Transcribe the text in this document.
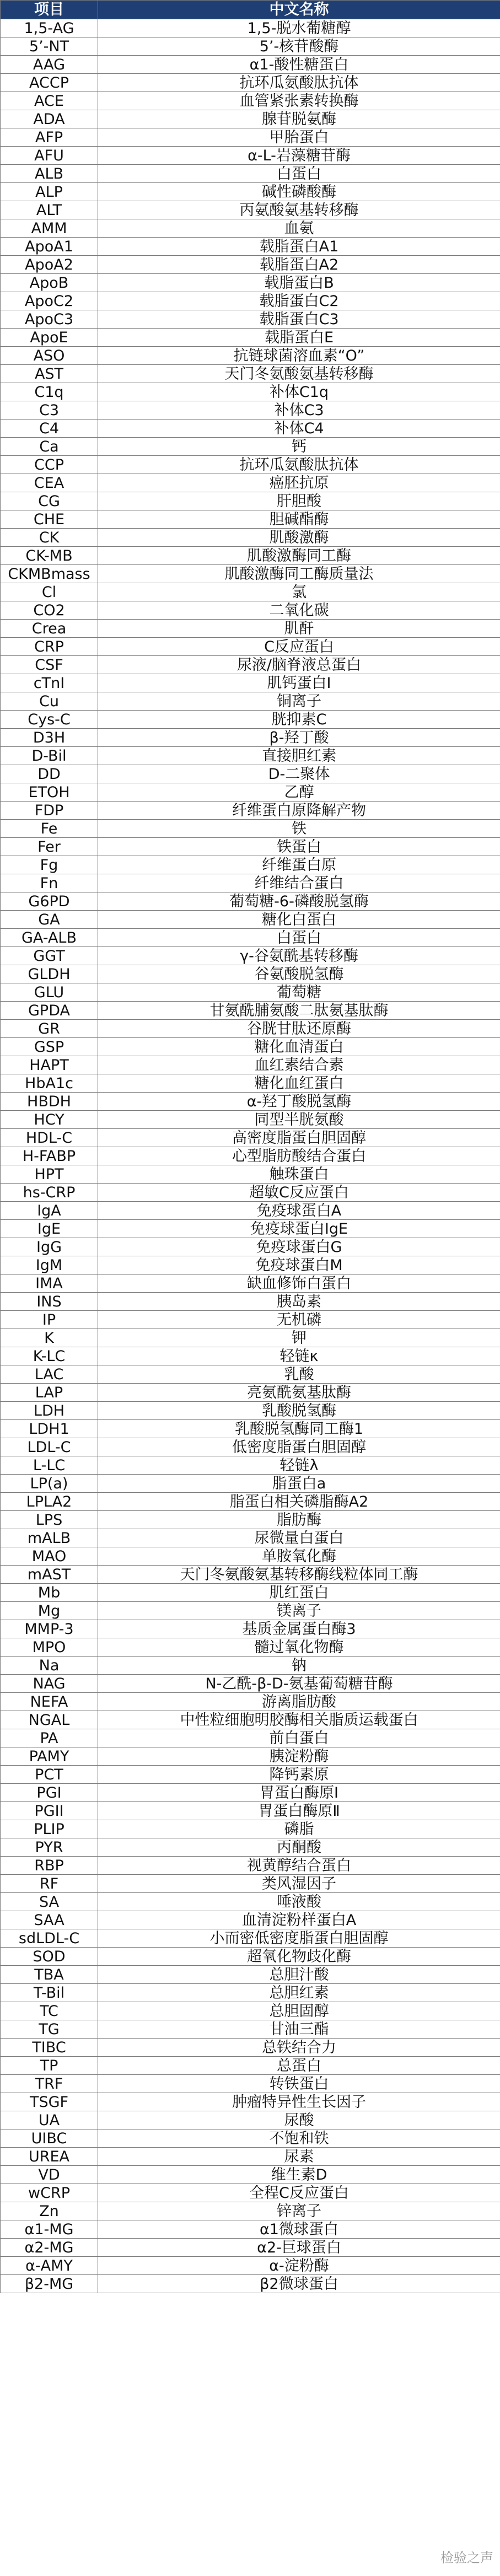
项目	中文名称
1,5-AG	1,5-脱水葡糖醇
5’-NT	5’-核苷酸酶
AAG	α1-酸性糖蛋白
ACCP	抗环瓜氨酸肽抗体
ACE	血管紧张素转换酶
ADA	腺苷脱氨酶
AFP	甲胎蛋白
AFU	α-L-岩藻糖苷酶
ALB	白蛋白
ALP	碱性磷酸酶
ALT	丙氨酸氨基转移酶
AMM	血氨
ApoA1	载脂蛋白A1
ApoA2	载脂蛋白A2
ApoB	载脂蛋白B
ApoC2	载脂蛋白C2
ApoC3	载脂蛋白C3
ApoE	载脂蛋白E
ASO	抗链球菌溶血素“O”
AST	天门冬氨酸氨基转移酶
C1q	补体C1q
C3	补体C3
C4	补体C4
Ca	钙
CCP	抗环瓜氨酸肽抗体
CEA	癌胚抗原
CG	肝胆酸
CHE	胆碱酯酶
CK	肌酸激酶
CK-MB	肌酸激酶同工酶
CKMBmass	肌酸激酶同工酶质量法
Cl	氯
CO2	二氧化碳
Crea	肌酐
CRP	C反应蛋白
CSF	尿液/脑脊液总蛋白
cTnI	肌钙蛋白I
Cu	铜离子
Cys-C	胱抑素C
D3H	β-羟丁酸
D-Bil	直接胆红素
DD	D-二聚体
ETOH	乙醇
FDP	纤维蛋白原降解产物
Fe	铁
Fer	铁蛋白
Fg	纤维蛋白原
Fn	纤维结合蛋白
G6PD	葡萄糖-6-磷酸脱氢酶
GA	糖化白蛋白
GA-ALB	白蛋白
GGT	γ-谷氨酰基转移酶
GLDH	谷氨酸脱氢酶
GLU	葡萄糖
GPDA	甘氨酰脯氨酸二肽氨基肽酶
GR	谷胱甘肽还原酶
GSP	糖化血清蛋白
HAPT	血红素结合素
HbA1c	糖化血红蛋白
HBDH	α-羟丁酸脱氢酶
HCY	同型半胱氨酸
HDL-C	高密度脂蛋白胆固醇
H-FABP	心型脂肪酸结合蛋白
HPT	触珠蛋白
hs-CRP	超敏C反应蛋白
IgA	免疫球蛋白A
IgE	免疫球蛋白IgE
IgG	免疫球蛋白G
IgM	免疫球蛋白M
IMA	缺血修饰白蛋白
INS	胰岛素
IP	无机磷
K	钾
K-LC	轻链κ
LAC	乳酸
LAP	亮氨酰氨基肽酶
LDH	乳酸脱氢酶
LDH1	乳酸脱氢酶同工酶1
LDL-C	低密度脂蛋白胆固醇
L-LC	轻链λ
LP(a)	脂蛋白a
LPLA2	脂蛋白相关磷脂酶A2
LPS	脂肪酶
mALB	尿微量白蛋白
MAO	单胺氧化酶
mAST	天门冬氨酸氨基转移酶线粒体同工酶
Mb	肌红蛋白
Mg	镁离子
MMP-3	基质金属蛋白酶3
MPO	髓过氧化物酶
Na	钠
NAG	N-乙酰-β-D-氨基葡萄糖苷酶
NEFA	游离脂肪酸
NGAL	中性粒细胞明胶酶相关脂质运载蛋白
PA	前白蛋白
PAMY	胰淀粉酶
PCT	降钙素原
PGI	胃蛋白酶原Ⅰ
PGII	胃蛋白酶原Ⅱ
PLIP	磷脂
PYR	丙酮酸
RBP	视黄醇结合蛋白
RF	类风湿因子
SA	唾液酸
SAA	血清淀粉样蛋白A
sdLDL-C	小而密低密度脂蛋白胆固醇
SOD	超氧化物歧化酶
TBA	总胆汁酸
T-Bil	总胆红素
TC	总胆固醇
TG	甘油三酯
TIBC	总铁结合力
TP	总蛋白
TRF	转铁蛋白
TSGF	肿瘤特异性生长因子
UA	尿酸
UIBC	不饱和铁
UREA	尿素
VD	维生素D
wCRP	全程C反应蛋白
Zn	锌离子
α1-MG	α1微球蛋白
α2-MG	α2-巨球蛋白
α-AMY	α-淀粉酶
β2-MG	β2微球蛋白
检验之声
